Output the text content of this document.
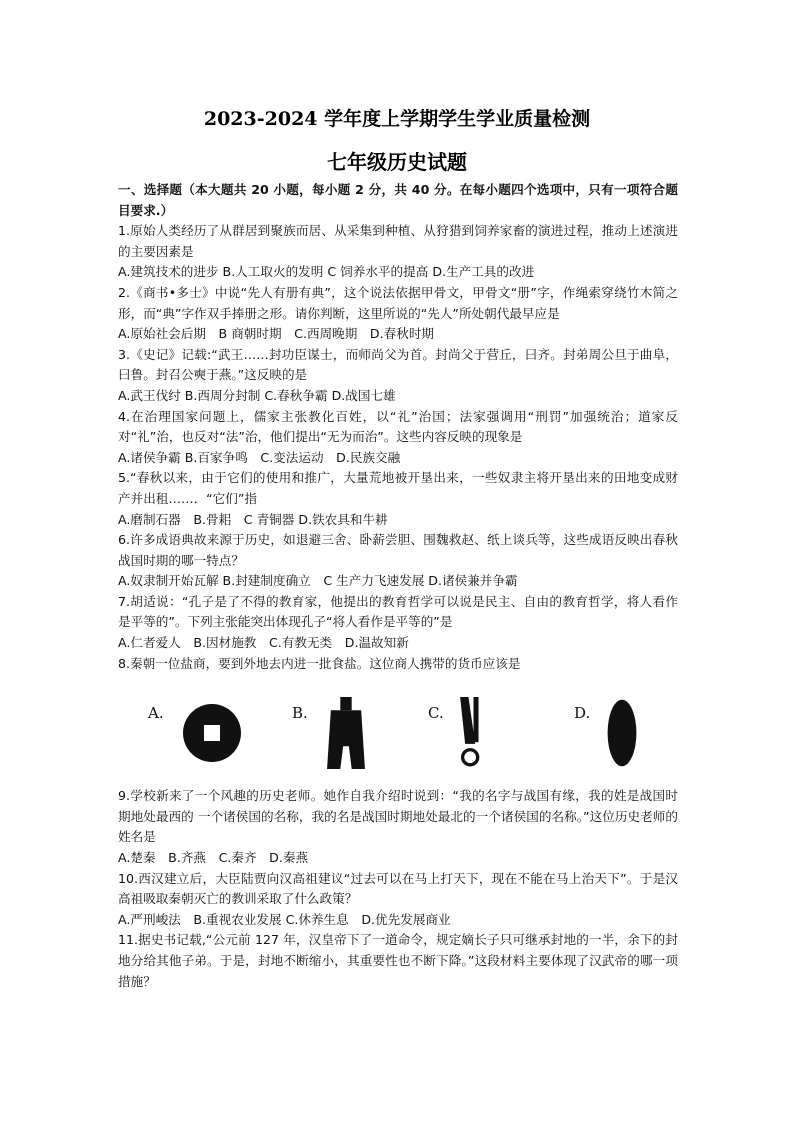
2023-2024 学年度上学期学生学业质量检测
七年级历史试题

一、选择题（本大题共 20 小题，每小题 2 分，共 40 分。在每小题四个选项中，只有一项符合题目要求.）

1.原始人类经历了从群居到聚族而居、从采集到种植、从狩猎到饲养家畜的演进过程，推动上述演进的主要因素是

A.建筑技术的进步 B.人工取火的发明 C 饲养水平的提高 D.生产工具的改进

2.《商书•多士》中说“先人有册有典”，这个说法依据甲骨文，甲骨文“册”字，作绳索穿绕竹木简之形，而“典”字作双手捧册之形。请你判断，这里所说的“先人”所处朝代最早应是

A.原始社会后期　B 商朝时期　C.西周晚期　D.春秋时期

3.《史记》记载:“武王……封功臣谋士，而师尚父为首。封尚父于营丘，曰齐。封弟周公旦于曲阜，曰鲁。封召公奭于燕。”这反映的是

A.武王伐纣 B.西周分封制 C.春秋争霸 D.战国七雄

4.在治理国家问题上，儒家主张教化百姓，以“礼”治国；法家强调用“刑罚”加强统治；道家反对“礼”治，也反对“法”治，他们提出“无为而治”。这些内容反映的现象是

A.诸侯争霸 B.百家争鸣　C.变法运动　D.民族交融

5.“春秋以来，由于它们的使用和推广，大量荒地被开垦出来，一些奴隶主将开垦出来的田地变成财产并出租……．“它们”指

A.磨制石器　B.骨耜　C 青铜器 D.铁农具和牛耕

6.许多成语典故来源于历史，如退避三舍、卧薪尝胆、围魏救赵、纸上谈兵等，这些成语反映出春秋战国时期的哪一特点？

A.奴隶制开始瓦解 B.封建制度确立　C 生产力飞速发展 D.诸侯兼并争霸

7.胡适说：“孔子是了不得的教育家，他提出的教育哲学可以说是民主、自由的教育哲学，将人看作是平等的”。下列主张能突出体现孔子“将人看作是平等的”是

A.仁者爱人　B.因材施教　C.有教无类　D.温故知新

8.秦朝一位盐商，要到外地去内进一批食盐。这位商人携带的货币应该是

A.	B.	C.	D.

9.学校新来了一个风趣的历史老师。她作自我介绍时说到：“我的名字与战国有缘，我的姓是战国时期地处最西的 一个诸侯国的名称，我的名是战国时期地处最北的一个诸侯国的名称。”这位历史老师的姓名是

A.楚秦　B.齐燕　C.秦齐　D.秦燕

10.西汉建立后，大臣陆贾向汉高祖建议“过去可以在马上打天下，现在不能在马上治天下”。于是汉高祖吸取秦朝灭亡的教训采取了什么政策？

A.严刑峻法　B.重视农业发展 C.休养生息　D.优先发展商业

11.据史书记载,“公元前 127 年，汉皇帝下了一道命令，规定嫡长子只可继承封地的一半，余下的封地分给其他子弟。于是，封地不断缩小，其重要性也不断下降。”这段材料主要体现了汉武帝的哪一项措施？
